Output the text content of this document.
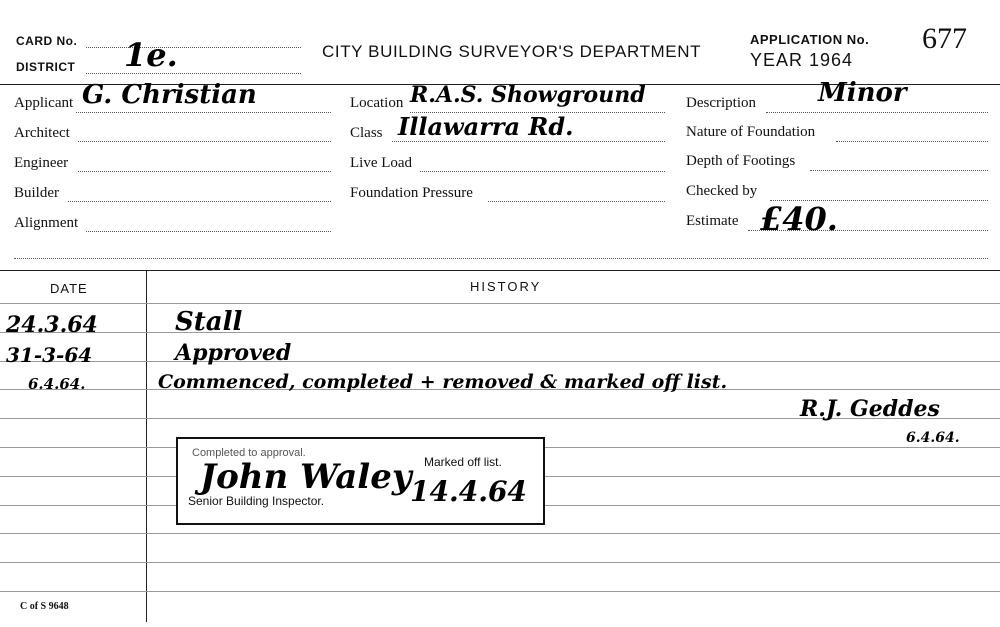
CARD No.
DISTRICT 1e.	CITY BUILDING SURVEYOR'S DEPARTMENT
APPLICATION No. 677
YEAR 1964
Applicant G. Christian
Architect
Engineer
Builder
Alignment
Location R.A.S. Showground
Class Illawarra Rd.
Live Load
Foundation Pressure
Description Minor
Nature of Foundation
Depth of Footings
Checked by
Estimate £40.
DATE	HISTORY
24.3.64	Stall
31-3-64	Approved
6.4.64.	Commenced, completed + removed & marked off list.
R.J. Geddes
6.4.64.
Completed to approval.
Marked off list.
Senior Building Inspector.
John Waley
14.4.64
C of S 9648
